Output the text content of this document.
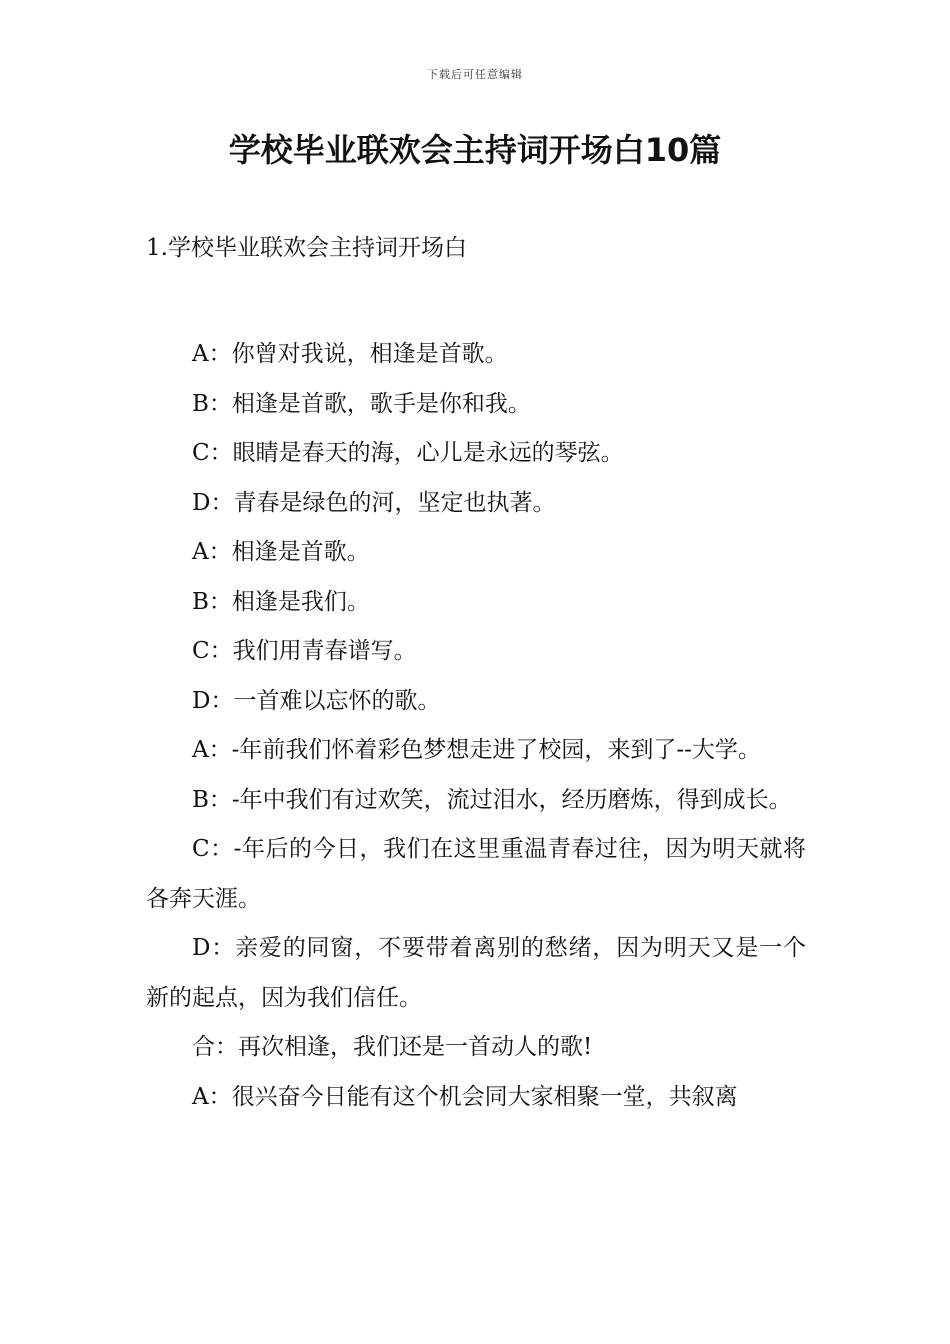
下载后可任意编辑
学校毕业联欢会主持词开场白10篇
1.学校毕业联欢会主持词开场白

A：你曾对我说，相逢是首歌。

B：相逢是首歌，歌手是你和我。

C：眼睛是春天的海，心儿是永远的琴弦。

D：青春是绿色的河，坚定也执著。

A：相逢是首歌。

B：相逢是我们。

C：我们用青春谱写。

D：一首难以忘怀的歌。

A：-年前我们怀着彩色梦想走进了校园，来到了--大学。

B：-年中我们有过欢笑，流过泪水，经历磨炼，得到成长。

C：-年后的今日，我们在这里重温青春过往，因为明天就将各奔天涯。

D：亲爱的同窗，不要带着离别的愁绪，因为明天又是一个新的起点，因为我们信任。

合：再次相逢，我们还是一首动人的歌!

A：很兴奋今日能有这个机会同大家相聚一堂，共叙离
